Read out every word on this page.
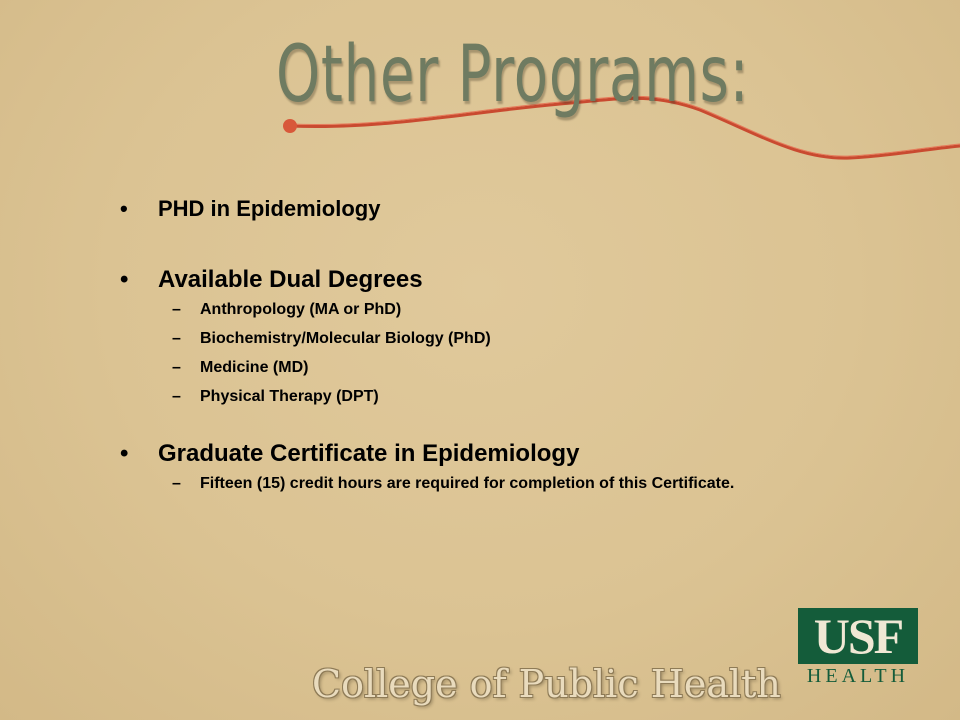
Other Programs:
• PHD in Epidemiology
• Available Dual Degrees
– Anthropology (MA or PhD)
– Biochemistry/Molecular Biology (PhD)
– Medicine (MD)
– Physical Therapy (DPT)
• Graduate Certificate in Epidemiology
– Fifteen (15) credit hours are required for completion of this Certificate.
College of Public Health
USF
HEALTH
